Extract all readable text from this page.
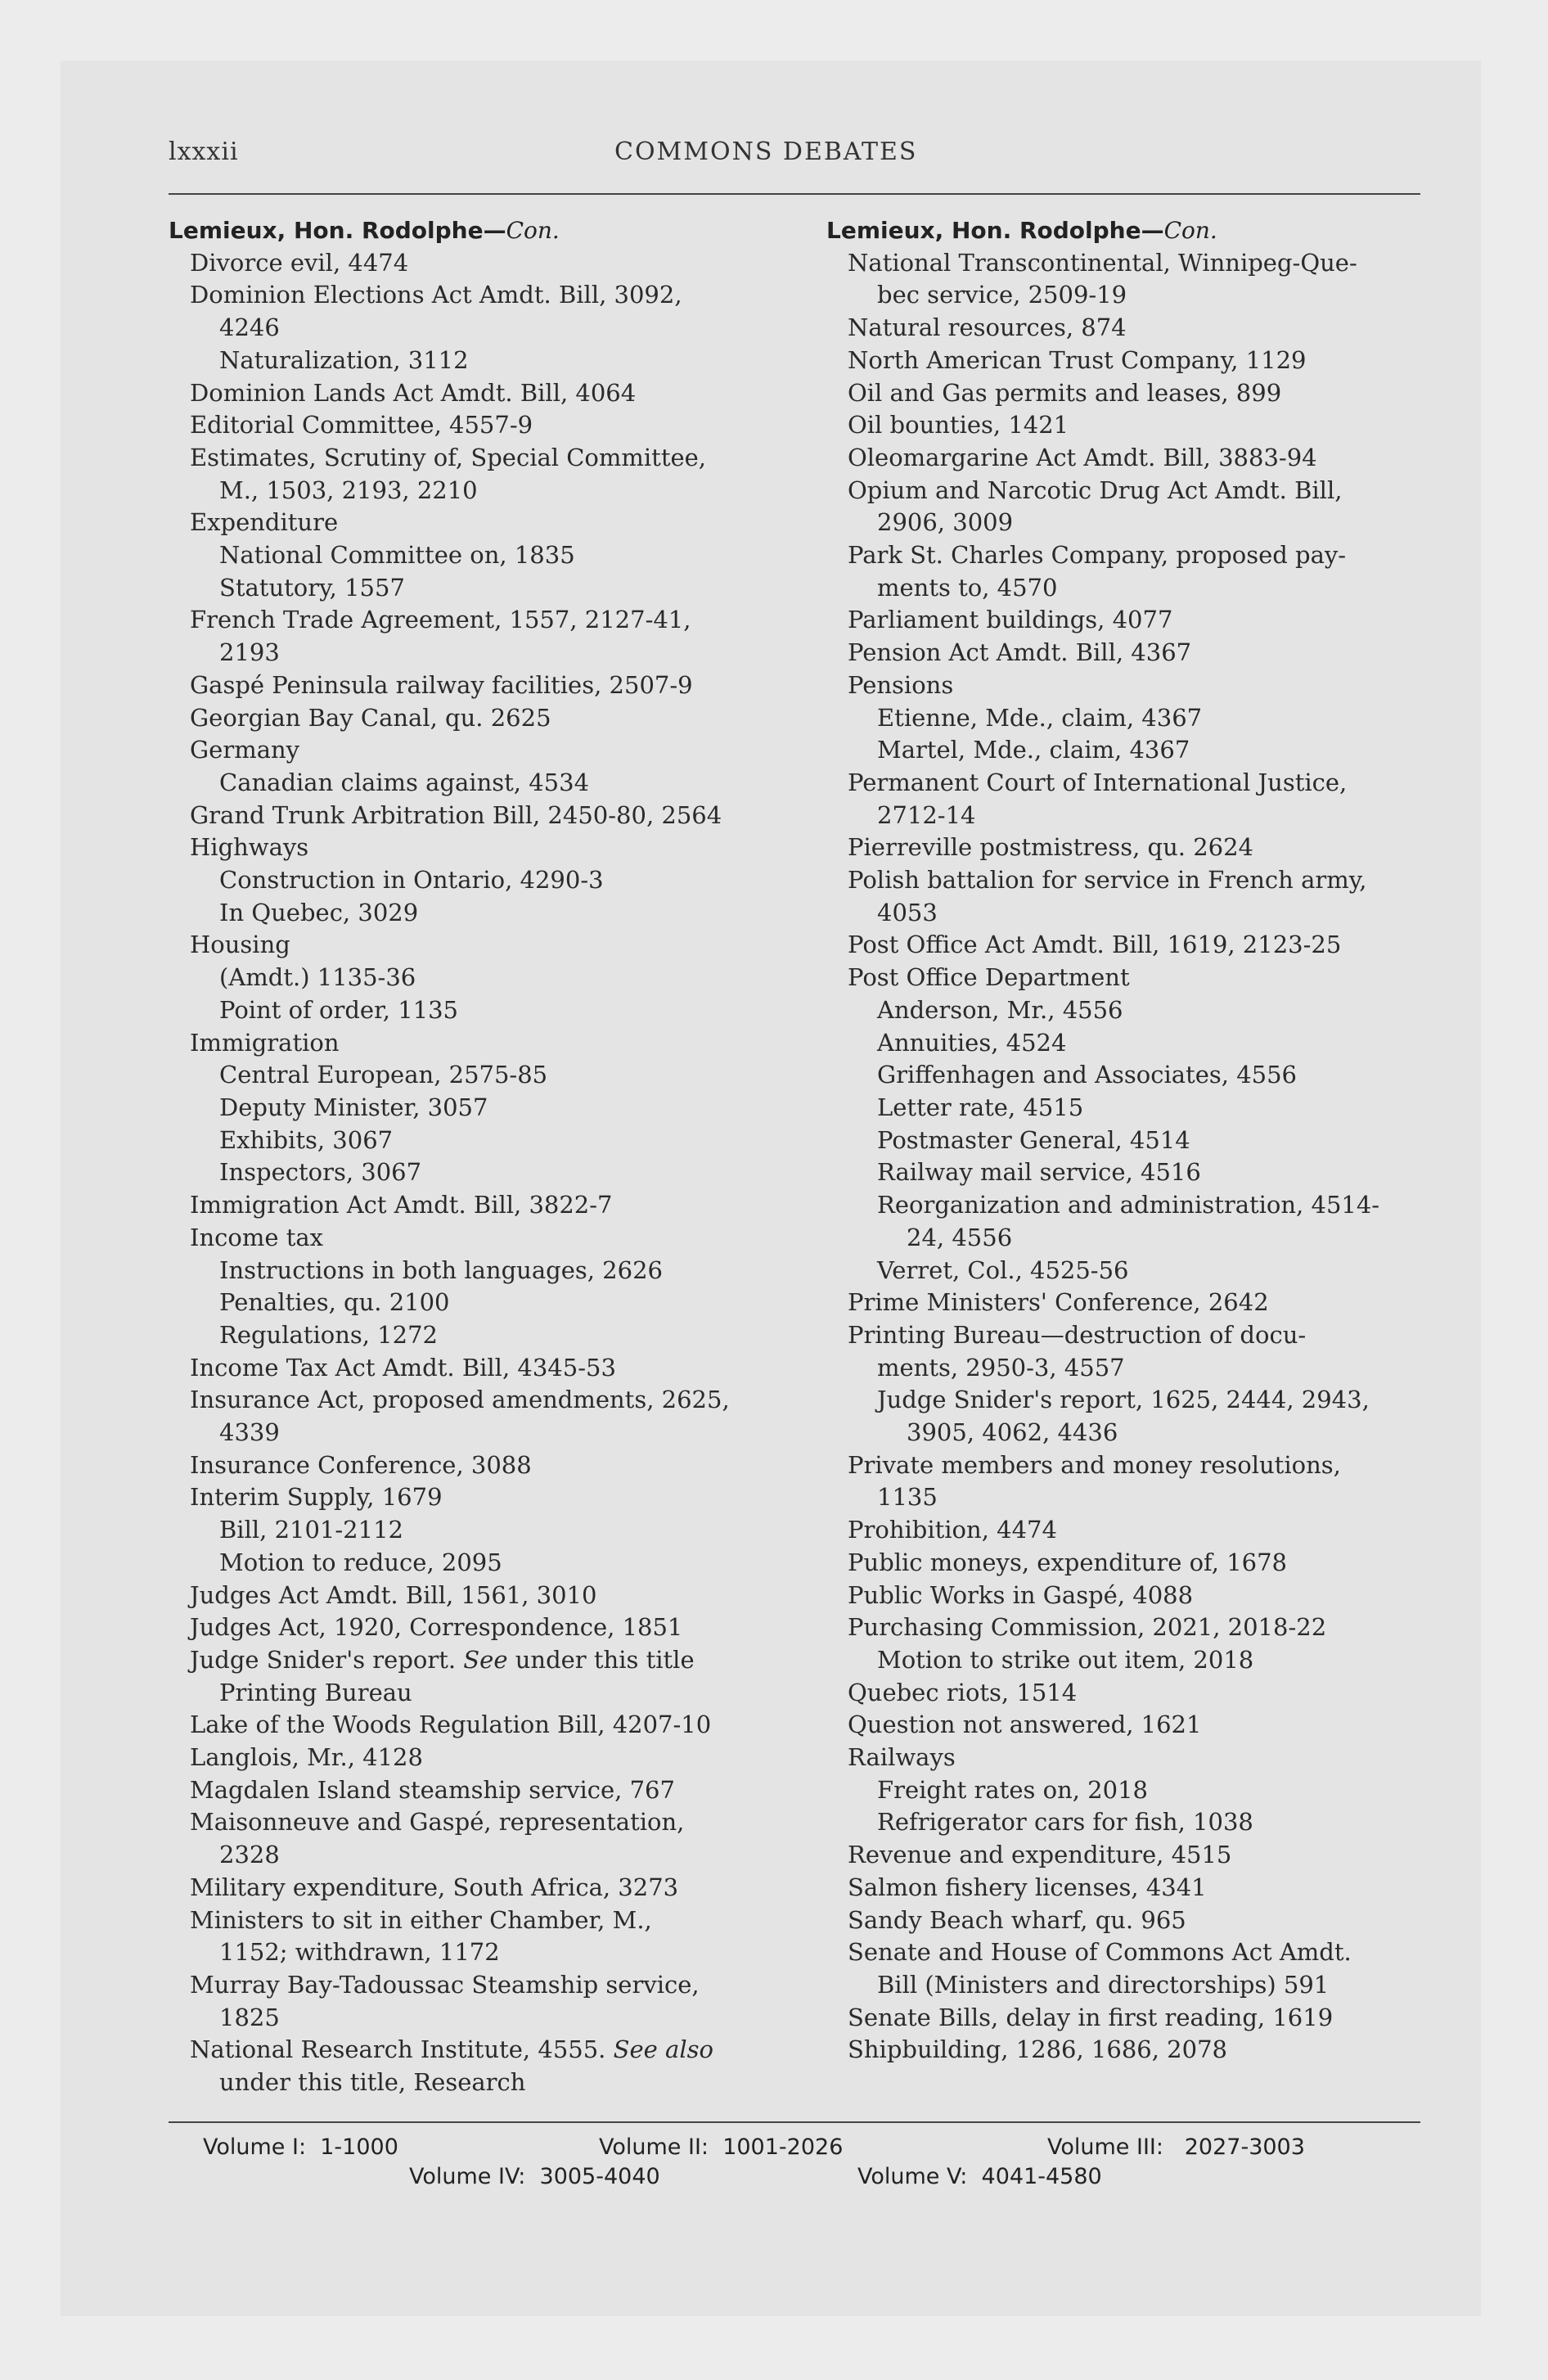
lxxxii	COMMONS DEBATES
Lemieux, Hon. Rodolphe—Con.
Divorce evil, 4474
Dominion Elections Act Amdt. Bill, 3092,
4246
Naturalization, 3112
Dominion Lands Act Amdt. Bill, 4064
Editorial Committee, 4557-9
Estimates, Scrutiny of, Special Committee,
M., 1503, 2193, 2210
Expenditure
National Committee on, 1835
Statutory, 1557
French Trade Agreement, 1557, 2127-41,
2193
Gaspé Peninsula railway facilities, 2507-9
Georgian Bay Canal, qu. 2625
Germany
Canadian claims against, 4534
Grand Trunk Arbitration Bill, 2450-80, 2564
Highways
Construction in Ontario, 4290-3
In Quebec, 3029
Housing
(Amdt.) 1135-36
Point of order, 1135
Immigration
Central European, 2575-85
Deputy Minister, 3057
Exhibits, 3067
Inspectors, 3067
Immigration Act Amdt. Bill, 3822-7
Income tax
Instructions in both languages, 2626
Penalties, qu. 2100
Regulations, 1272
Income Tax Act Amdt. Bill, 4345-53
Insurance Act, proposed amendments, 2625,
4339
Insurance Conference, 3088
Interim Supply, 1679
Bill, 2101-2112
Motion to reduce, 2095
Judges Act Amdt. Bill, 1561, 3010
Judges Act, 1920, Correspondence, 1851
Judge Snider's report. See under this title
Printing Bureau
Lake of the Woods Regulation Bill, 4207-10
Langlois, Mr., 4128
Magdalen Island steamship service, 767
Maisonneuve and Gaspé, representation,
2328
Military expenditure, South Africa, 3273
Ministers to sit in either Chamber, M.,
1152; withdrawn, 1172
Murray Bay-Tadoussac Steamship service,
1825
National Research Institute, 4555. See also
under this title, Research
Lemieux, Hon. Rodolphe—Con.
National Transcontinental, Winnipeg-Que-
bec service, 2509-19
Natural resources, 874
North American Trust Company, 1129
Oil and Gas permits and leases, 899
Oil bounties, 1421
Oleomargarine Act Amdt. Bill, 3883-94
Opium and Narcotic Drug Act Amdt. Bill,
2906, 3009
Park St. Charles Company, proposed pay-
ments to, 4570
Parliament buildings, 4077
Pension Act Amdt. Bill, 4367
Pensions
Etienne, Mde., claim, 4367
Martel, Mde., claim, 4367
Permanent Court of International Justice,
2712-14
Pierreville postmistress, qu. 2624
Polish battalion for service in French army,
4053
Post Office Act Amdt. Bill, 1619, 2123-25
Post Office Department
Anderson, Mr., 4556
Annuities, 4524
Griffenhagen and Associates, 4556
Letter rate, 4515
Postmaster General, 4514
Railway mail service, 4516
Reorganization and administration, 4514-
24, 4556
Verret, Col., 4525-56
Prime Ministers' Conference, 2642
Printing Bureau—destruction of docu-
ments, 2950-3, 4557
Judge Snider's report, 1625, 2444, 2943,
3905, 4062, 4436
Private members and money resolutions,
1135
Prohibition, 4474
Public moneys, expenditure of, 1678
Public Works in Gaspé, 4088
Purchasing Commission, 2021, 2018-22
Motion to strike out item, 2018
Quebec riots, 1514
Question not answered, 1621
Railways
Freight rates on, 2018
Refrigerator cars for fish, 1038
Revenue and expenditure, 4515
Salmon fishery licenses, 4341
Sandy Beach wharf, qu. 965
Senate and House of Commons Act Amdt.
Bill (Ministers and directorships) 591
Senate Bills, delay in first reading, 1619
Shipbuilding, 1286, 1686, 2078
Volume I: 1-1000	Volume II: 1001-2026	Volume III: 2027-3003
Volume IV: 3005-4040	Volume V: 4041-4580
